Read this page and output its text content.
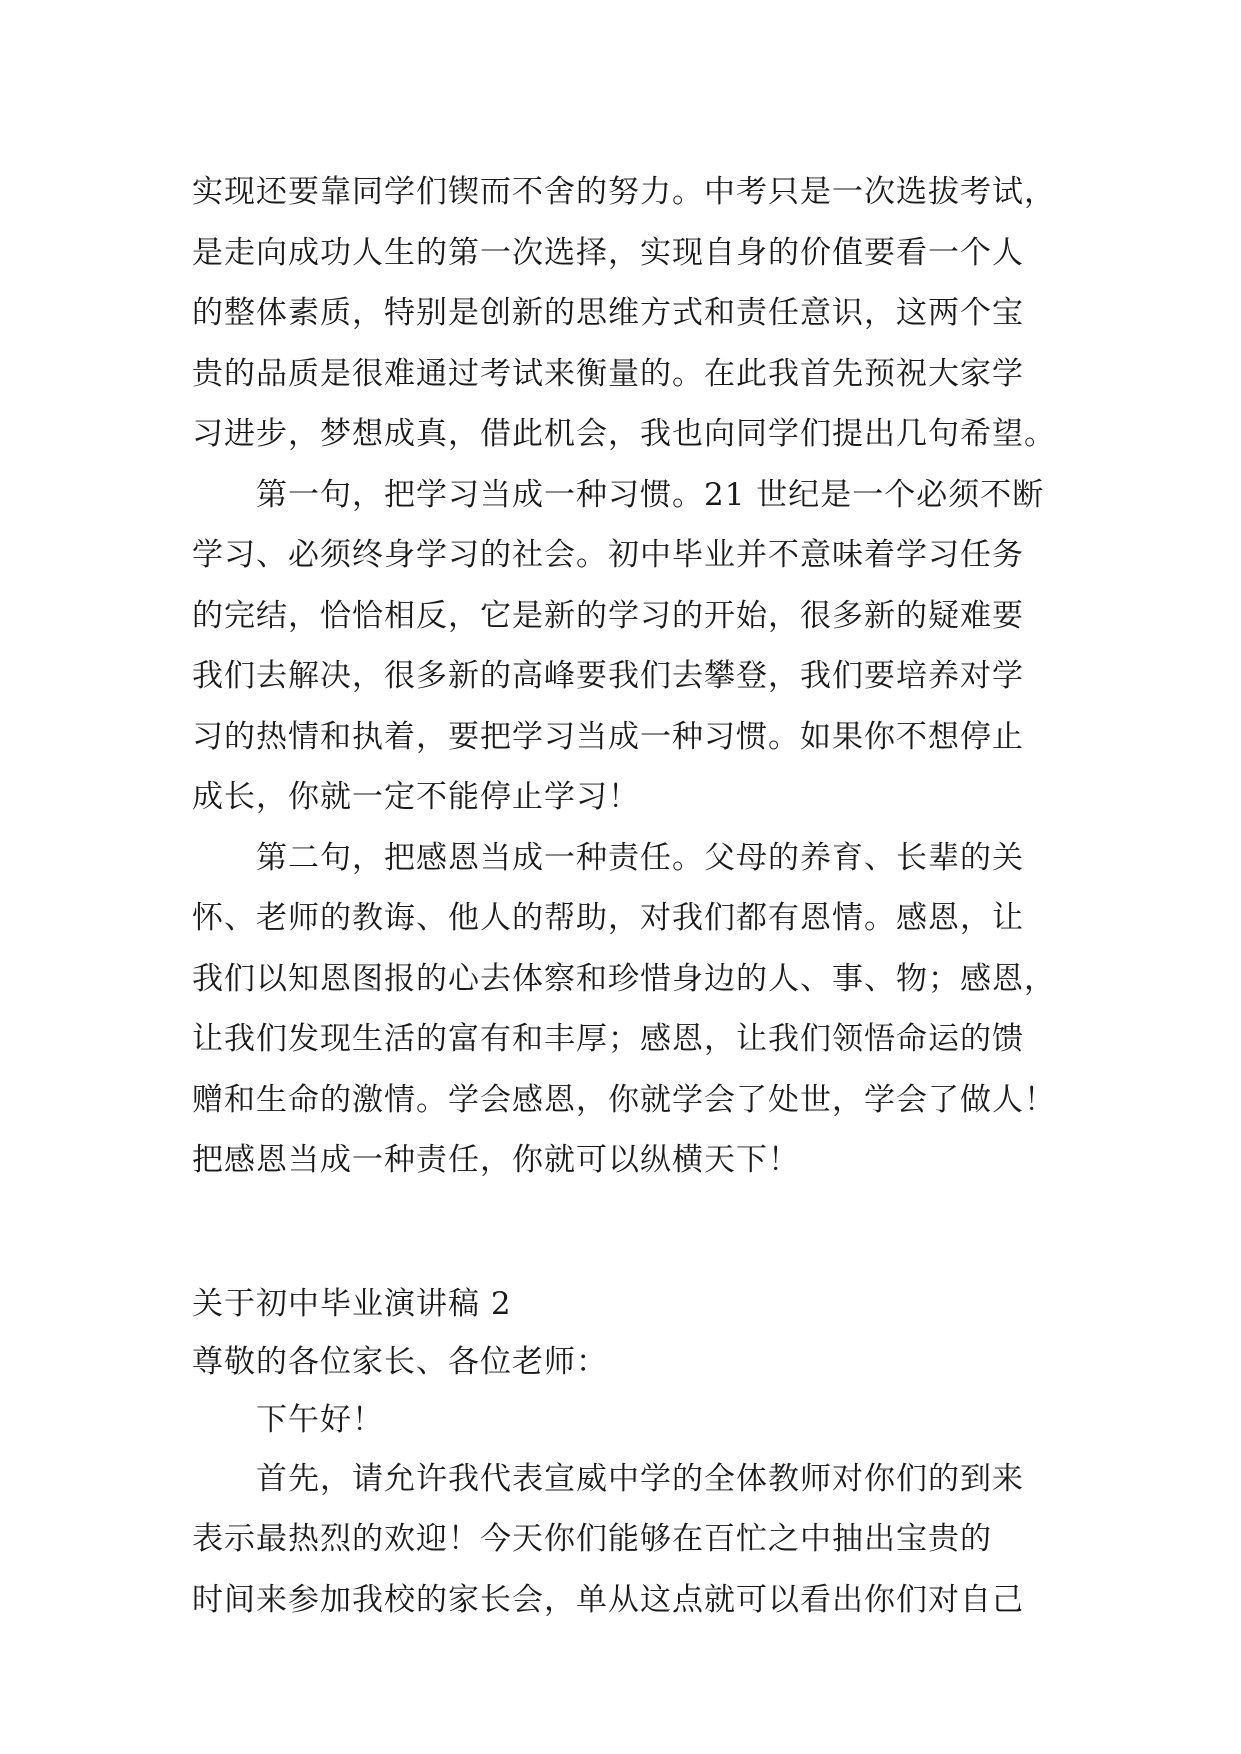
实现还要靠同学们锲而不舍的努力。中考只是一次选拔考试，
是走向成功人生的第一次选择，实现自身的价值要看一个人
的整体素质，特别是创新的思维方式和责任意识，这两个宝
贵的品质是很难通过考试来衡量的。在此我首先预祝大家学
习进步，梦想成真，借此机会，我也向同学们提出几句希望。
第一句，把学习当成一种习惯。21 世纪是一个必须不断
学习、必须终身学习的社会。初中毕业并不意味着学习任务
的完结，恰恰相反，它是新的学习的开始，很多新的疑难要
我们去解决，很多新的高峰要我们去攀登，我们要培养对学
习的热情和执着，要把学习当成一种习惯。如果你不想停止
成长，你就一定不能停止学习！
第二句，把感恩当成一种责任。父母的养育、长辈的关
怀、老师的教诲、他人的帮助，对我们都有恩情。感恩，让
我们以知恩图报的心去体察和珍惜身边的人、事、物；感恩，
让我们发现生活的富有和丰厚；感恩，让我们领悟命运的馈
赠和生命的激情。学会感恩，你就学会了处世，学会了做人！
把感恩当成一种责任，你就可以纵横天下！
关于初中毕业演讲稿 2
尊敬的各位家长、各位老师：
下午好！
首先，请允许我代表宣威中学的全体教师对你们的到来
表示最热烈的欢迎！今天你们能够在百忙之中抽出宝贵的
时间来参加我校的家长会，单从这点就可以看出你们对自己
